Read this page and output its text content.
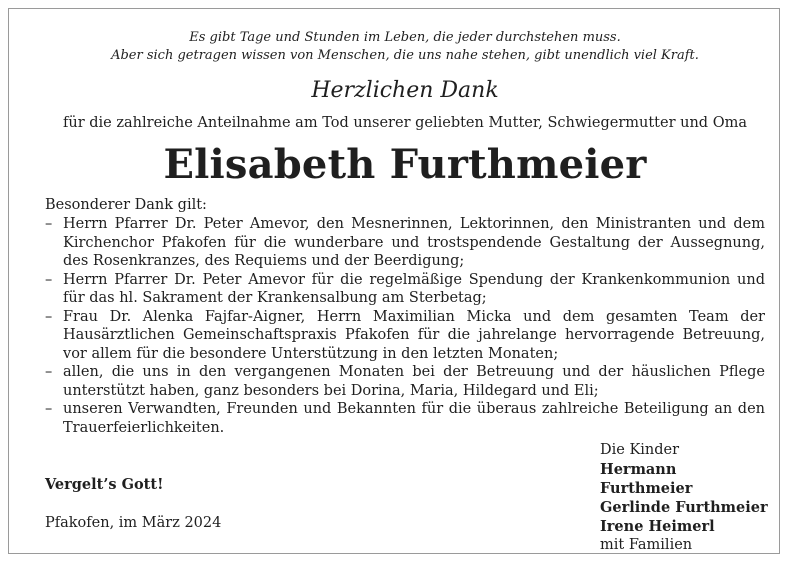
Es gibt Tage und Stunden im Leben, die jeder durchstehen muss.
Aber sich getragen wissen von Menschen, die uns nahe stehen, gibt unendlich viel Kraft.
Herzlichen Dank
für die zahlreiche Anteilnahme am Tod unserer geliebten Mutter, Schwiegermutter und Oma
Elisabeth Furthmeier
Besonderer Dank gilt:
– Herrn Pfarrer Dr. Peter Amevor, den Mesnerinnen, Lektorinnen, den Ministranten und dem Kirchenchor Pfakofen für die wunderbare und trostspendende Gestaltung der Aussegnung, des Rosenkranzes, des Requiems und der Beerdigung;
– Herrn Pfarrer Dr. Peter Amevor für die regelmäßige Spendung der Krankenkommunion und für das hl. Sakrament der Krankensalbung am Sterbetag;
– Frau Dr. Alenka Fajfar-Aigner, Herrn Maximilian Micka und dem gesamten Team der Hausärztlichen Gemeinschaftspraxis Pfakofen für die jahrelange hervorragende Betreuung, vor allem für die besondere Unterstützung in den letzten Monaten;
– allen, die uns in den vergangenen Monaten bei der Betreuung und der häuslichen Pflege unterstützt haben, ganz besonders bei Dorina, Maria, Hildegard und Eli;
– unseren Verwandten, Freunden und Bekannten für die überaus zahlreiche Beteiligung an den Trauerfeierlichkeiten.
Vergelt’s Gott!
Pfakofen, im März 2024
Die Kinder
Hermann Furthmeier
Gerlinde Furthmeier
Irene Heimerl
mit Familien
